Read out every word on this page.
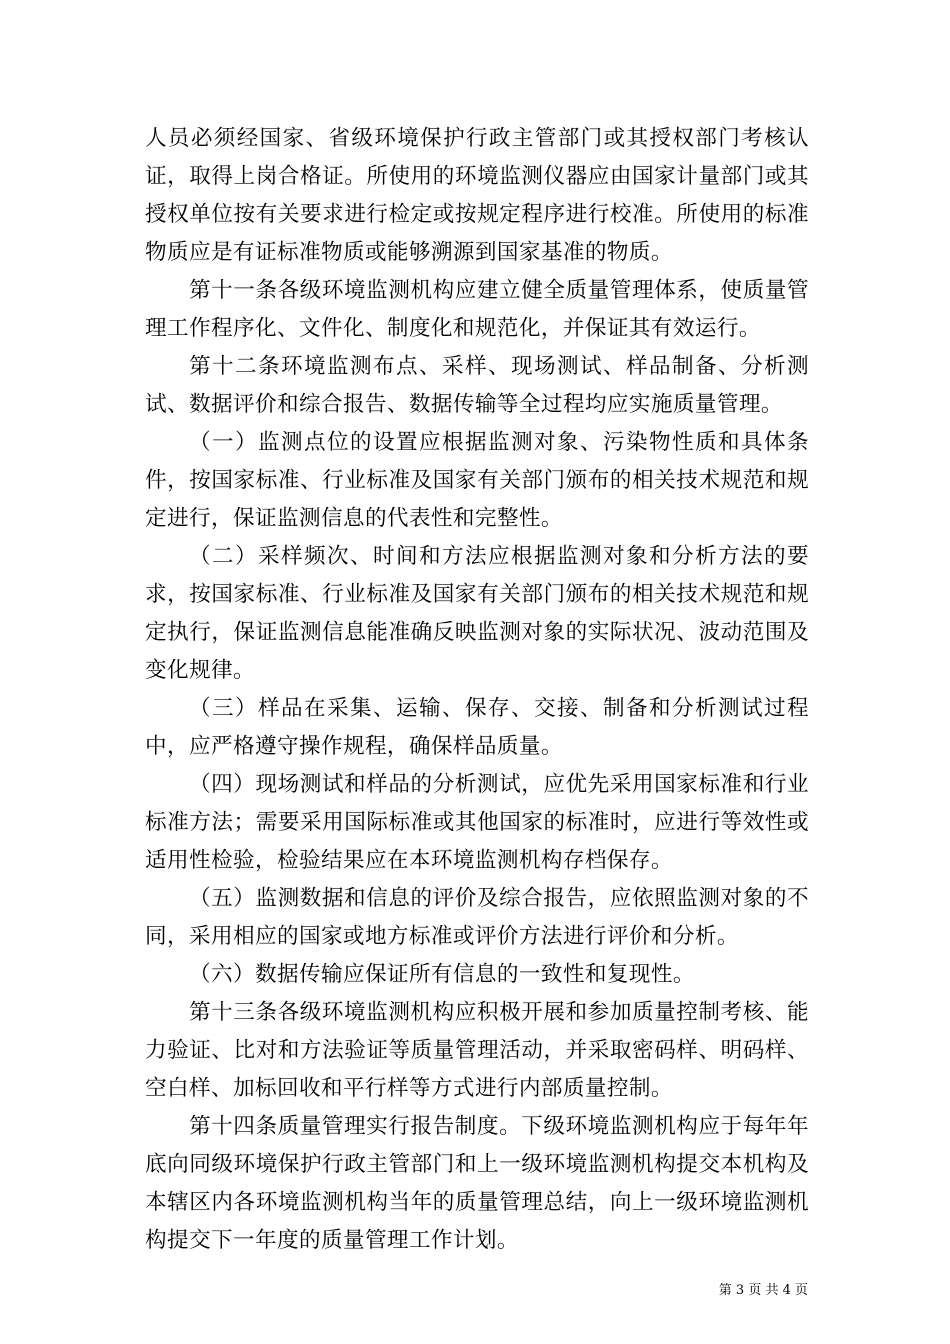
人员必须经国家、省级环境保护行政主管部门或其授权部门考核认证，取得上岗合格证。所使用的环境监测仪器应由国家计量部门或其授权单位按有关要求进行检定或按规定程序进行校准。所使用的标准物质应是有证标准物质或能够溯源到国家基准的物质。

第十一条各级环境监测机构应建立健全质量管理体系，使质量管理工作程序化、文件化、制度化和规范化，并保证其有效运行。

第十二条环境监测布点、采样、现场测试、样品制备、分析测试、数据评价和综合报告、数据传输等全过程均应实施质量管理。

（一）监测点位的设置应根据监测对象、污染物性质和具体条件，按国家标准、行业标准及国家有关部门颁布的相关技术规范和规定进行，保证监测信息的代表性和完整性。

（二）采样频次、时间和方法应根据监测对象和分析方法的要求，按国家标准、行业标准及国家有关部门颁布的相关技术规范和规定执行，保证监测信息能准确反映监测对象的实际状况、波动范围及变化规律。

（三）样品在采集、运输、保存、交接、制备和分析测试过程中，应严格遵守操作规程，确保样品质量。

（四）现场测试和样品的分析测试，应优先采用国家标准和行业标准方法；需要采用国际标准或其他国家的标准时，应进行等效性或适用性检验，检验结果应在本环境监测机构存档保存。

（五）监测数据和信息的评价及综合报告，应依照监测对象的不同，采用相应的国家或地方标准或评价方法进行评价和分析。

（六）数据传输应保证所有信息的一致性和复现性。

第十三条各级环境监测机构应积极开展和参加质量控制考核、能力验证、比对和方法验证等质量管理活动，并采取密码样、明码样、空白样、加标回收和平行样等方式进行内部质量控制。

第十四条质量管理实行报告制度。下级环境监测机构应于每年年底向同级环境保护行政主管部门和上一级环境监测机构提交本机构及本辖区内各环境监测机构当年的质量管理总结，向上一级环境监测机构提交下一年度的质量管理工作计划。

第 3 页 共 4 页
